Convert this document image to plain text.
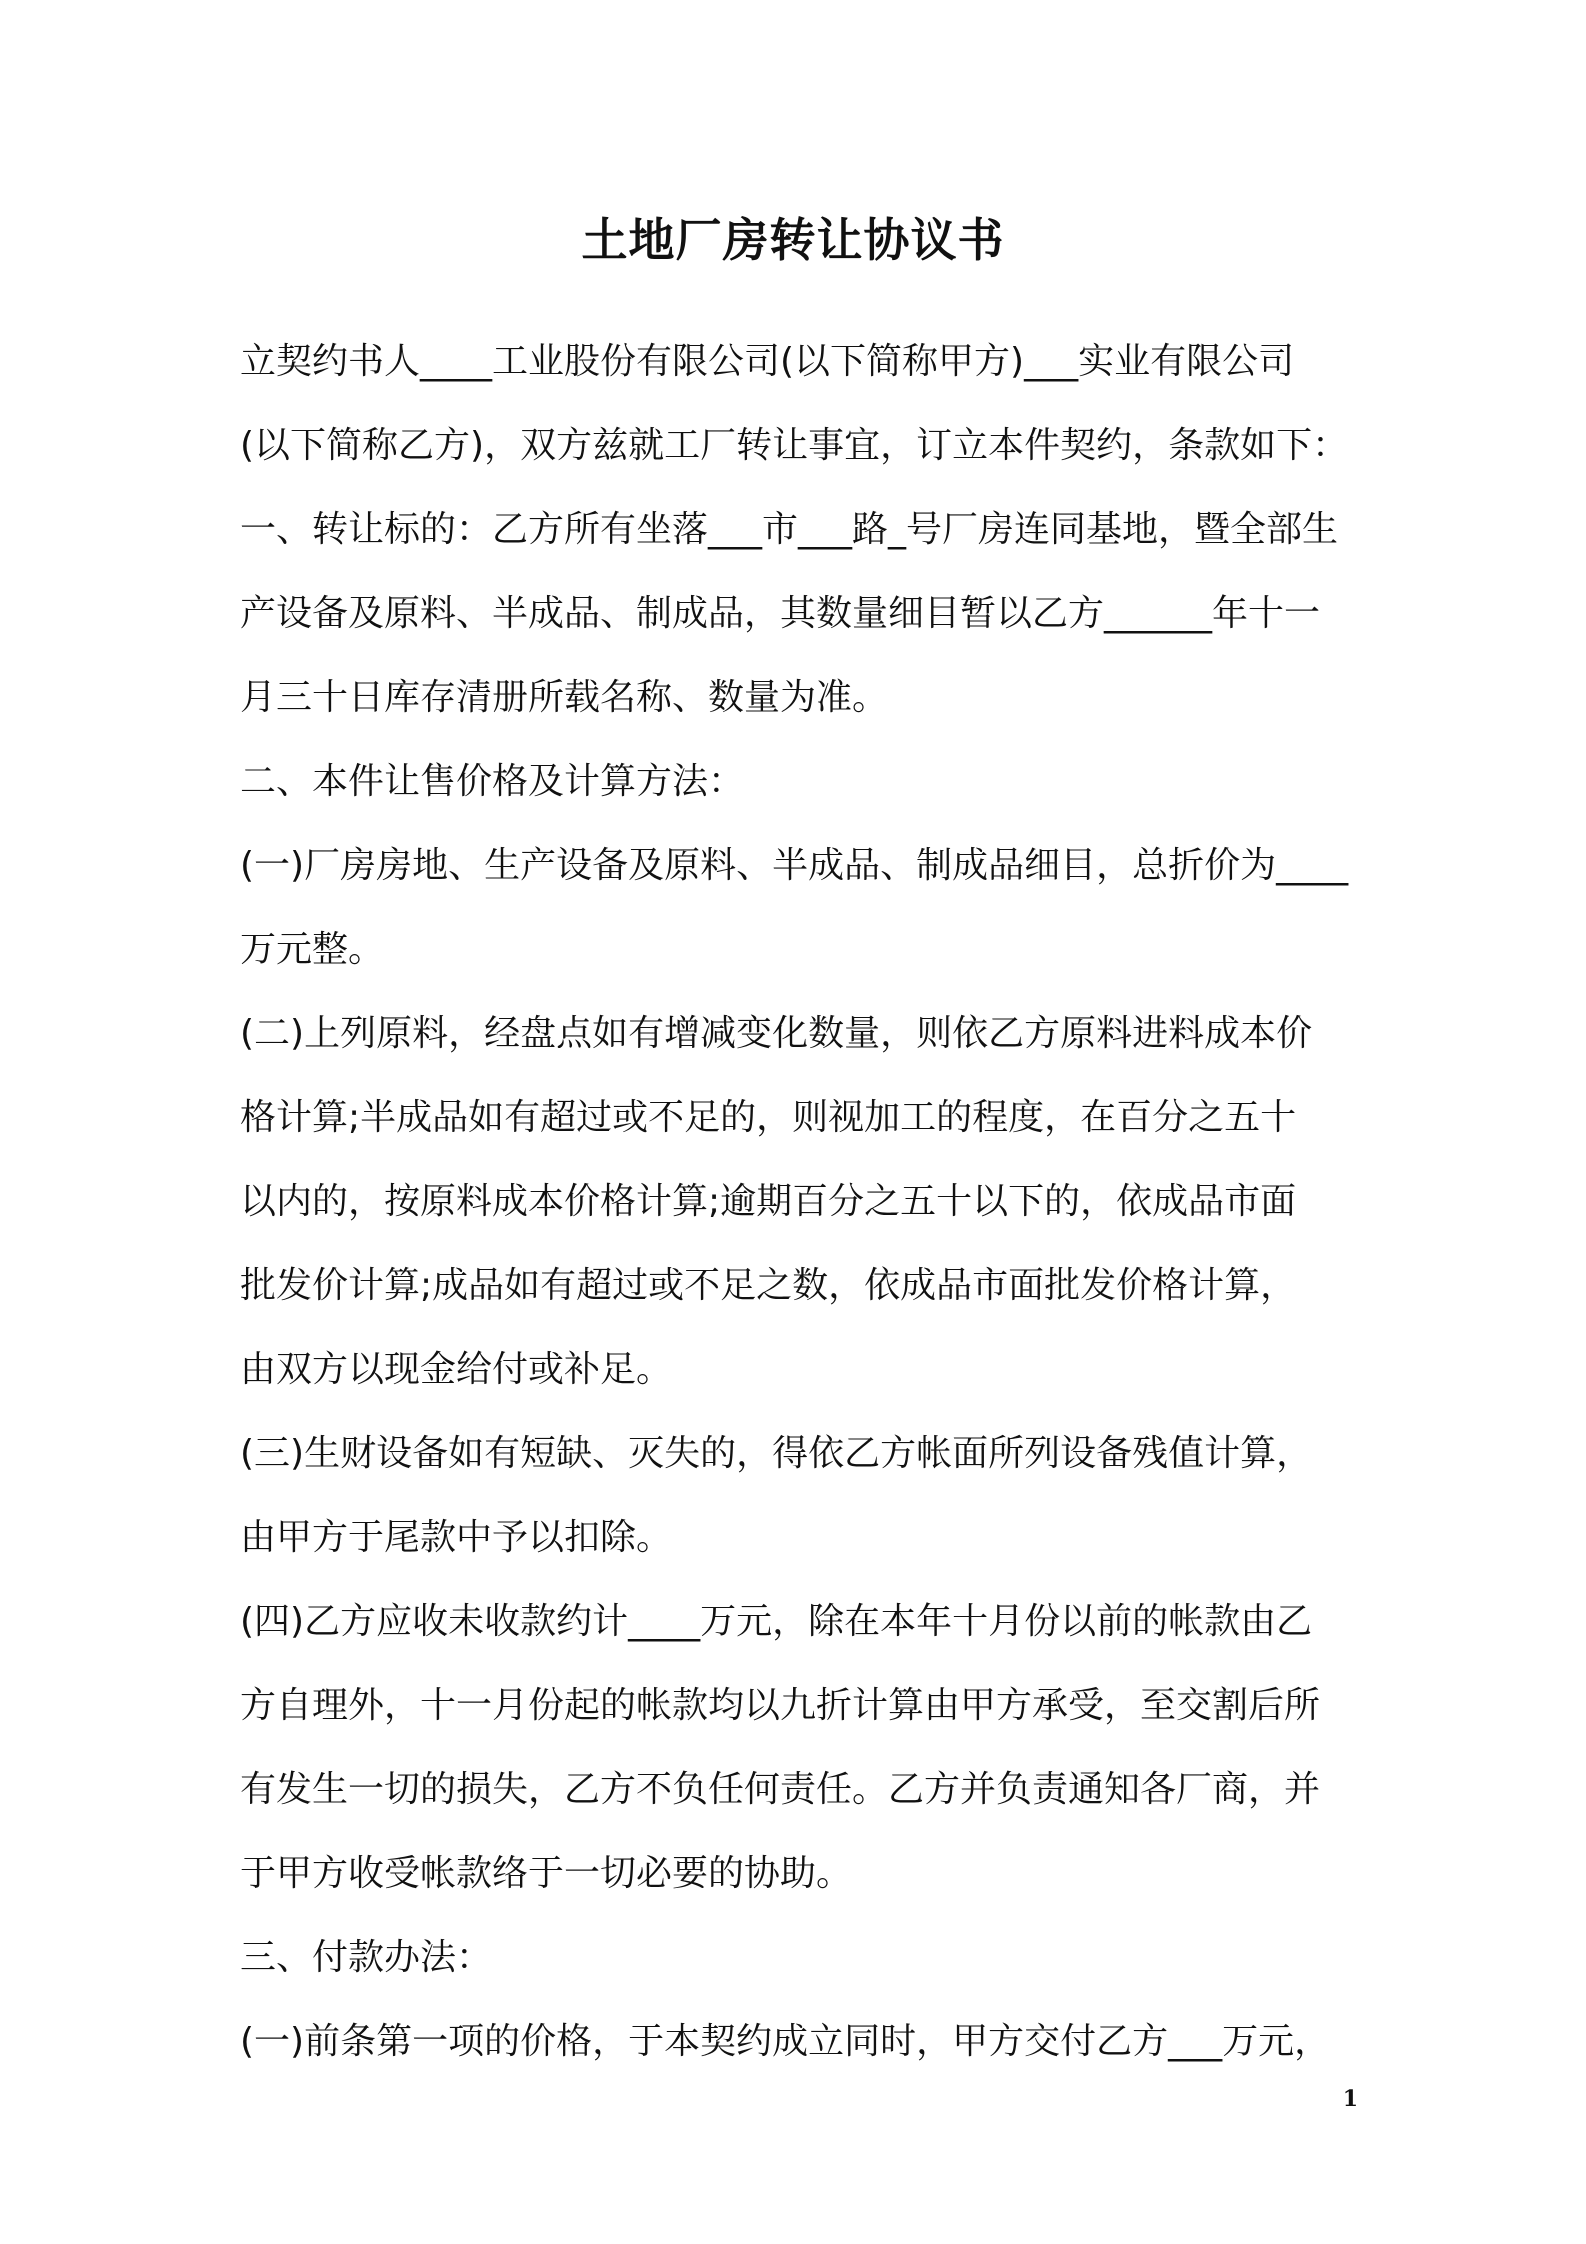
土地厂房转让协议书
立契约书人____工业股份有限公司(以下简称甲方)___实业有限公司
(以下简称乙方)，双方兹就工厂转让事宜，订立本件契约，条款如下：
一、转让标的：乙方所有坐落___市___路_号厂房连同基地，暨全部生
产设备及原料、半成品、制成品，其数量细目暂以乙方______年十一
月三十日库存清册所载名称、数量为准。
二、本件让售价格及计算方法：
(一)厂房房地、生产设备及原料、半成品、制成品细目，总折价为____
万元整。
(二)上列原料，经盘点如有增减变化数量，则依乙方原料进料成本价
格计算;半成品如有超过或不足的，则视加工的程度，在百分之五十
以内的，按原料成本价格计算;逾期百分之五十以下的，依成品市面
批发价计算;成品如有超过或不足之数，依成品市面批发价格计算，
由双方以现金给付或补足。
(三)生财设备如有短缺、灭失的，得依乙方帐面所列设备残值计算，
由甲方于尾款中予以扣除。
(四)乙方应收未收款约计____万元，除在本年十月份以前的帐款由乙
方自理外，十一月份起的帐款均以九折计算由甲方承受，至交割后所
有发生一切的损失，乙方不负任何责任。乙方并负责通知各厂商，并
于甲方收受帐款络于一切必要的协助。
三、付款办法：
(一)前条第一项的价格，于本契约成立同时，甲方交付乙方___万元，
1
